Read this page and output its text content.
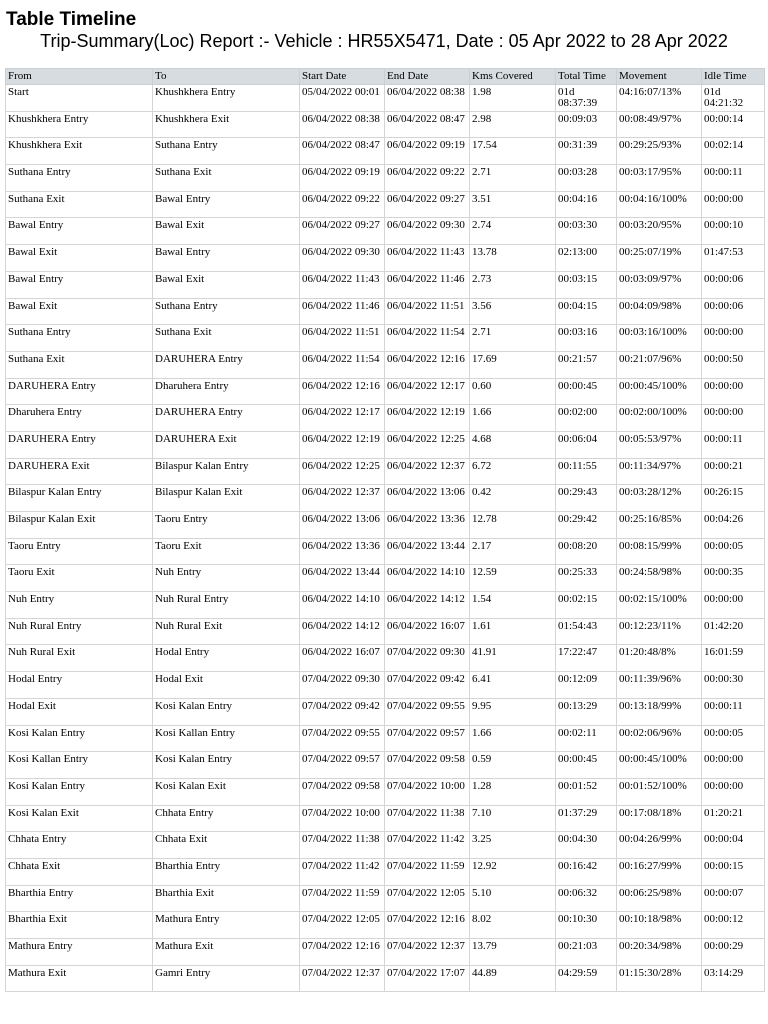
Table Timeline
Trip-Summary(Loc) Report :- Vehicle : HR55X5471, Date : 05 Apr 2022 to 28 Apr 2022
From	To	Start Date	End Date	Kms Covered	Total Time	Movement	Idle Time
Start	Khushkhera Entry	05/04/2022 00:01	06/04/2022 08:38	1.98	01d 08:37:39	04:16:07/13%	01d 04:21:32
Khushkhera Entry	Khushkhera Exit	06/04/2022 08:38	06/04/2022 08:47	2.98	00:09:03	00:08:49/97%	00:00:14
Khushkhera Exit	Suthana Entry	06/04/2022 08:47	06/04/2022 09:19	17.54	00:31:39	00:29:25/93%	00:02:14
Suthana Entry	Suthana Exit	06/04/2022 09:19	06/04/2022 09:22	2.71	00:03:28	00:03:17/95%	00:00:11
Suthana Exit	Bawal Entry	06/04/2022 09:22	06/04/2022 09:27	3.51	00:04:16	00:04:16/100%	00:00:00
Bawal Entry	Bawal Exit	06/04/2022 09:27	06/04/2022 09:30	2.74	00:03:30	00:03:20/95%	00:00:10
Bawal Exit	Bawal Entry	06/04/2022 09:30	06/04/2022 11:43	13.78	02:13:00	00:25:07/19%	01:47:53
Bawal Entry	Bawal Exit	06/04/2022 11:43	06/04/2022 11:46	2.73	00:03:15	00:03:09/97%	00:00:06
Bawal Exit	Suthana Entry	06/04/2022 11:46	06/04/2022 11:51	3.56	00:04:15	00:04:09/98%	00:00:06
Suthana Entry	Suthana Exit	06/04/2022 11:51	06/04/2022 11:54	2.71	00:03:16	00:03:16/100%	00:00:00
Suthana Exit	DARUHERA Entry	06/04/2022 11:54	06/04/2022 12:16	17.69	00:21:57	00:21:07/96%	00:00:50
DARUHERA Entry	Dharuhera Entry	06/04/2022 12:16	06/04/2022 12:17	0.60	00:00:45	00:00:45/100%	00:00:00
Dharuhera Entry	DARUHERA Entry	06/04/2022 12:17	06/04/2022 12:19	1.66	00:02:00	00:02:00/100%	00:00:00
DARUHERA Entry	DARUHERA Exit	06/04/2022 12:19	06/04/2022 12:25	4.68	00:06:04	00:05:53/97%	00:00:11
DARUHERA Exit	Bilaspur Kalan Entry	06/04/2022 12:25	06/04/2022 12:37	6.72	00:11:55	00:11:34/97%	00:00:21
Bilaspur Kalan Entry	Bilaspur Kalan Exit	06/04/2022 12:37	06/04/2022 13:06	0.42	00:29:43	00:03:28/12%	00:26:15
Bilaspur Kalan Exit	Taoru Entry	06/04/2022 13:06	06/04/2022 13:36	12.78	00:29:42	00:25:16/85%	00:04:26
Taoru Entry	Taoru Exit	06/04/2022 13:36	06/04/2022 13:44	2.17	00:08:20	00:08:15/99%	00:00:05
Taoru Exit	Nuh Entry	06/04/2022 13:44	06/04/2022 14:10	12.59	00:25:33	00:24:58/98%	00:00:35
Nuh Entry	Nuh Rural Entry	06/04/2022 14:10	06/04/2022 14:12	1.54	00:02:15	00:02:15/100%	00:00:00
Nuh Rural Entry	Nuh Rural Exit	06/04/2022 14:12	06/04/2022 16:07	1.61	01:54:43	00:12:23/11%	01:42:20
Nuh Rural Exit	Hodal Entry	06/04/2022 16:07	07/04/2022 09:30	41.91	17:22:47	01:20:48/8%	16:01:59
Hodal Entry	Hodal Exit	07/04/2022 09:30	07/04/2022 09:42	6.41	00:12:09	00:11:39/96%	00:00:30
Hodal Exit	Kosi Kalan Entry	07/04/2022 09:42	07/04/2022 09:55	9.95	00:13:29	00:13:18/99%	00:00:11
Kosi Kalan Entry	Kosi Kallan Entry	07/04/2022 09:55	07/04/2022 09:57	1.66	00:02:11	00:02:06/96%	00:00:05
Kosi Kallan Entry	Kosi Kalan Entry	07/04/2022 09:57	07/04/2022 09:58	0.59	00:00:45	00:00:45/100%	00:00:00
Kosi Kalan Entry	Kosi Kalan Exit	07/04/2022 09:58	07/04/2022 10:00	1.28	00:01:52	00:01:52/100%	00:00:00
Kosi Kalan Exit	Chhata Entry	07/04/2022 10:00	07/04/2022 11:38	7.10	01:37:29	00:17:08/18%	01:20:21
Chhata Entry	Chhata Exit	07/04/2022 11:38	07/04/2022 11:42	3.25	00:04:30	00:04:26/99%	00:00:04
Chhata Exit	Bharthia Entry	07/04/2022 11:42	07/04/2022 11:59	12.92	00:16:42	00:16:27/99%	00:00:15
Bharthia Entry	Bharthia Exit	07/04/2022 11:59	07/04/2022 12:05	5.10	00:06:32	00:06:25/98%	00:00:07
Bharthia Exit	Mathura Entry	07/04/2022 12:05	07/04/2022 12:16	8.02	00:10:30	00:10:18/98%	00:00:12
Mathura Entry	Mathura Exit	07/04/2022 12:16	07/04/2022 12:37	13.79	00:21:03	00:20:34/98%	00:00:29
Mathura Exit	Gamri Entry	07/04/2022 12:37	07/04/2022 17:07	44.89	04:29:59	01:15:30/28%	03:14:29
